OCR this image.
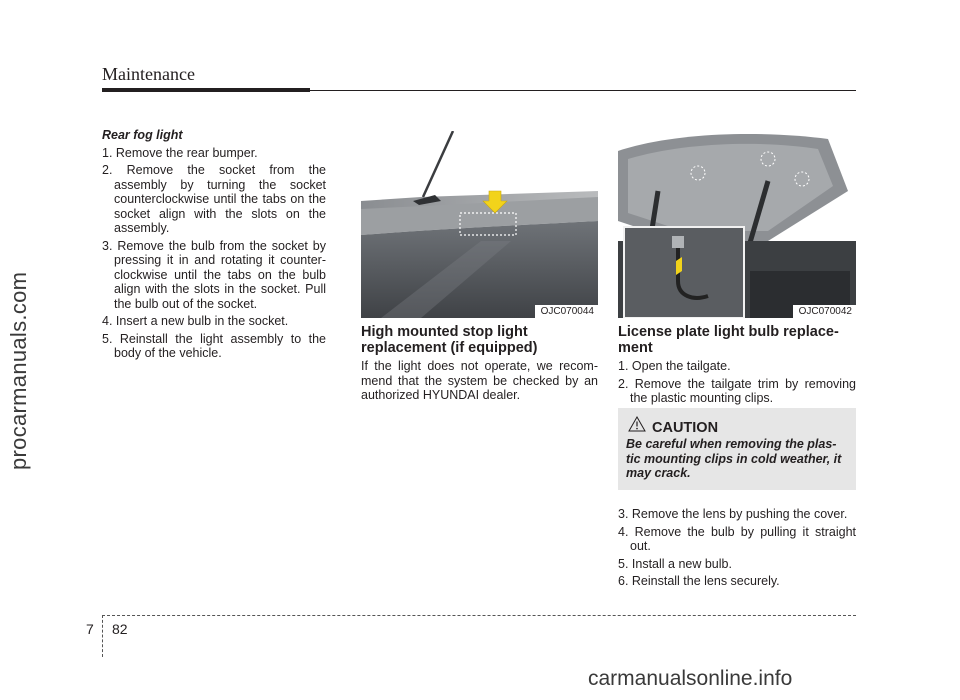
Maintenance
procarmanuals.com
Rear fog light
1. Remove the rear bumper.
2. Remove the socket from the assembly by turning the socket counterclockwise until the tabs on the socket align with the slots on the assembly.
3. Remove the bulb from the socket by pressing it in and rotating it counter-clockwise until the tabs on the bulb align with the slots in the socket. Pull the bulb out of the socket.
4. Insert a new bulb in the socket.
5. Reinstall the light assembly to the body of the vehicle.
OJC070044	OJC070042
High mounted stop light replacement (if equipped)
If the light does not operate, we recom-mend that the system be checked by an authorized HYUNDAI dealer.
License plate light bulb replace-ment
1. Open the tailgate.
2. Remove the tailgate trim by removing the plastic mounting clips.
CAUTION
Be careful when removing the plas-tic mounting clips in cold weather, it may crack.
3. Remove the lens by pushing the cover.
4. Remove the bulb by pulling it straight out.
5. Install a new bulb.
6. Reinstall the lens securely.
7 82
carmanualsonline.info
